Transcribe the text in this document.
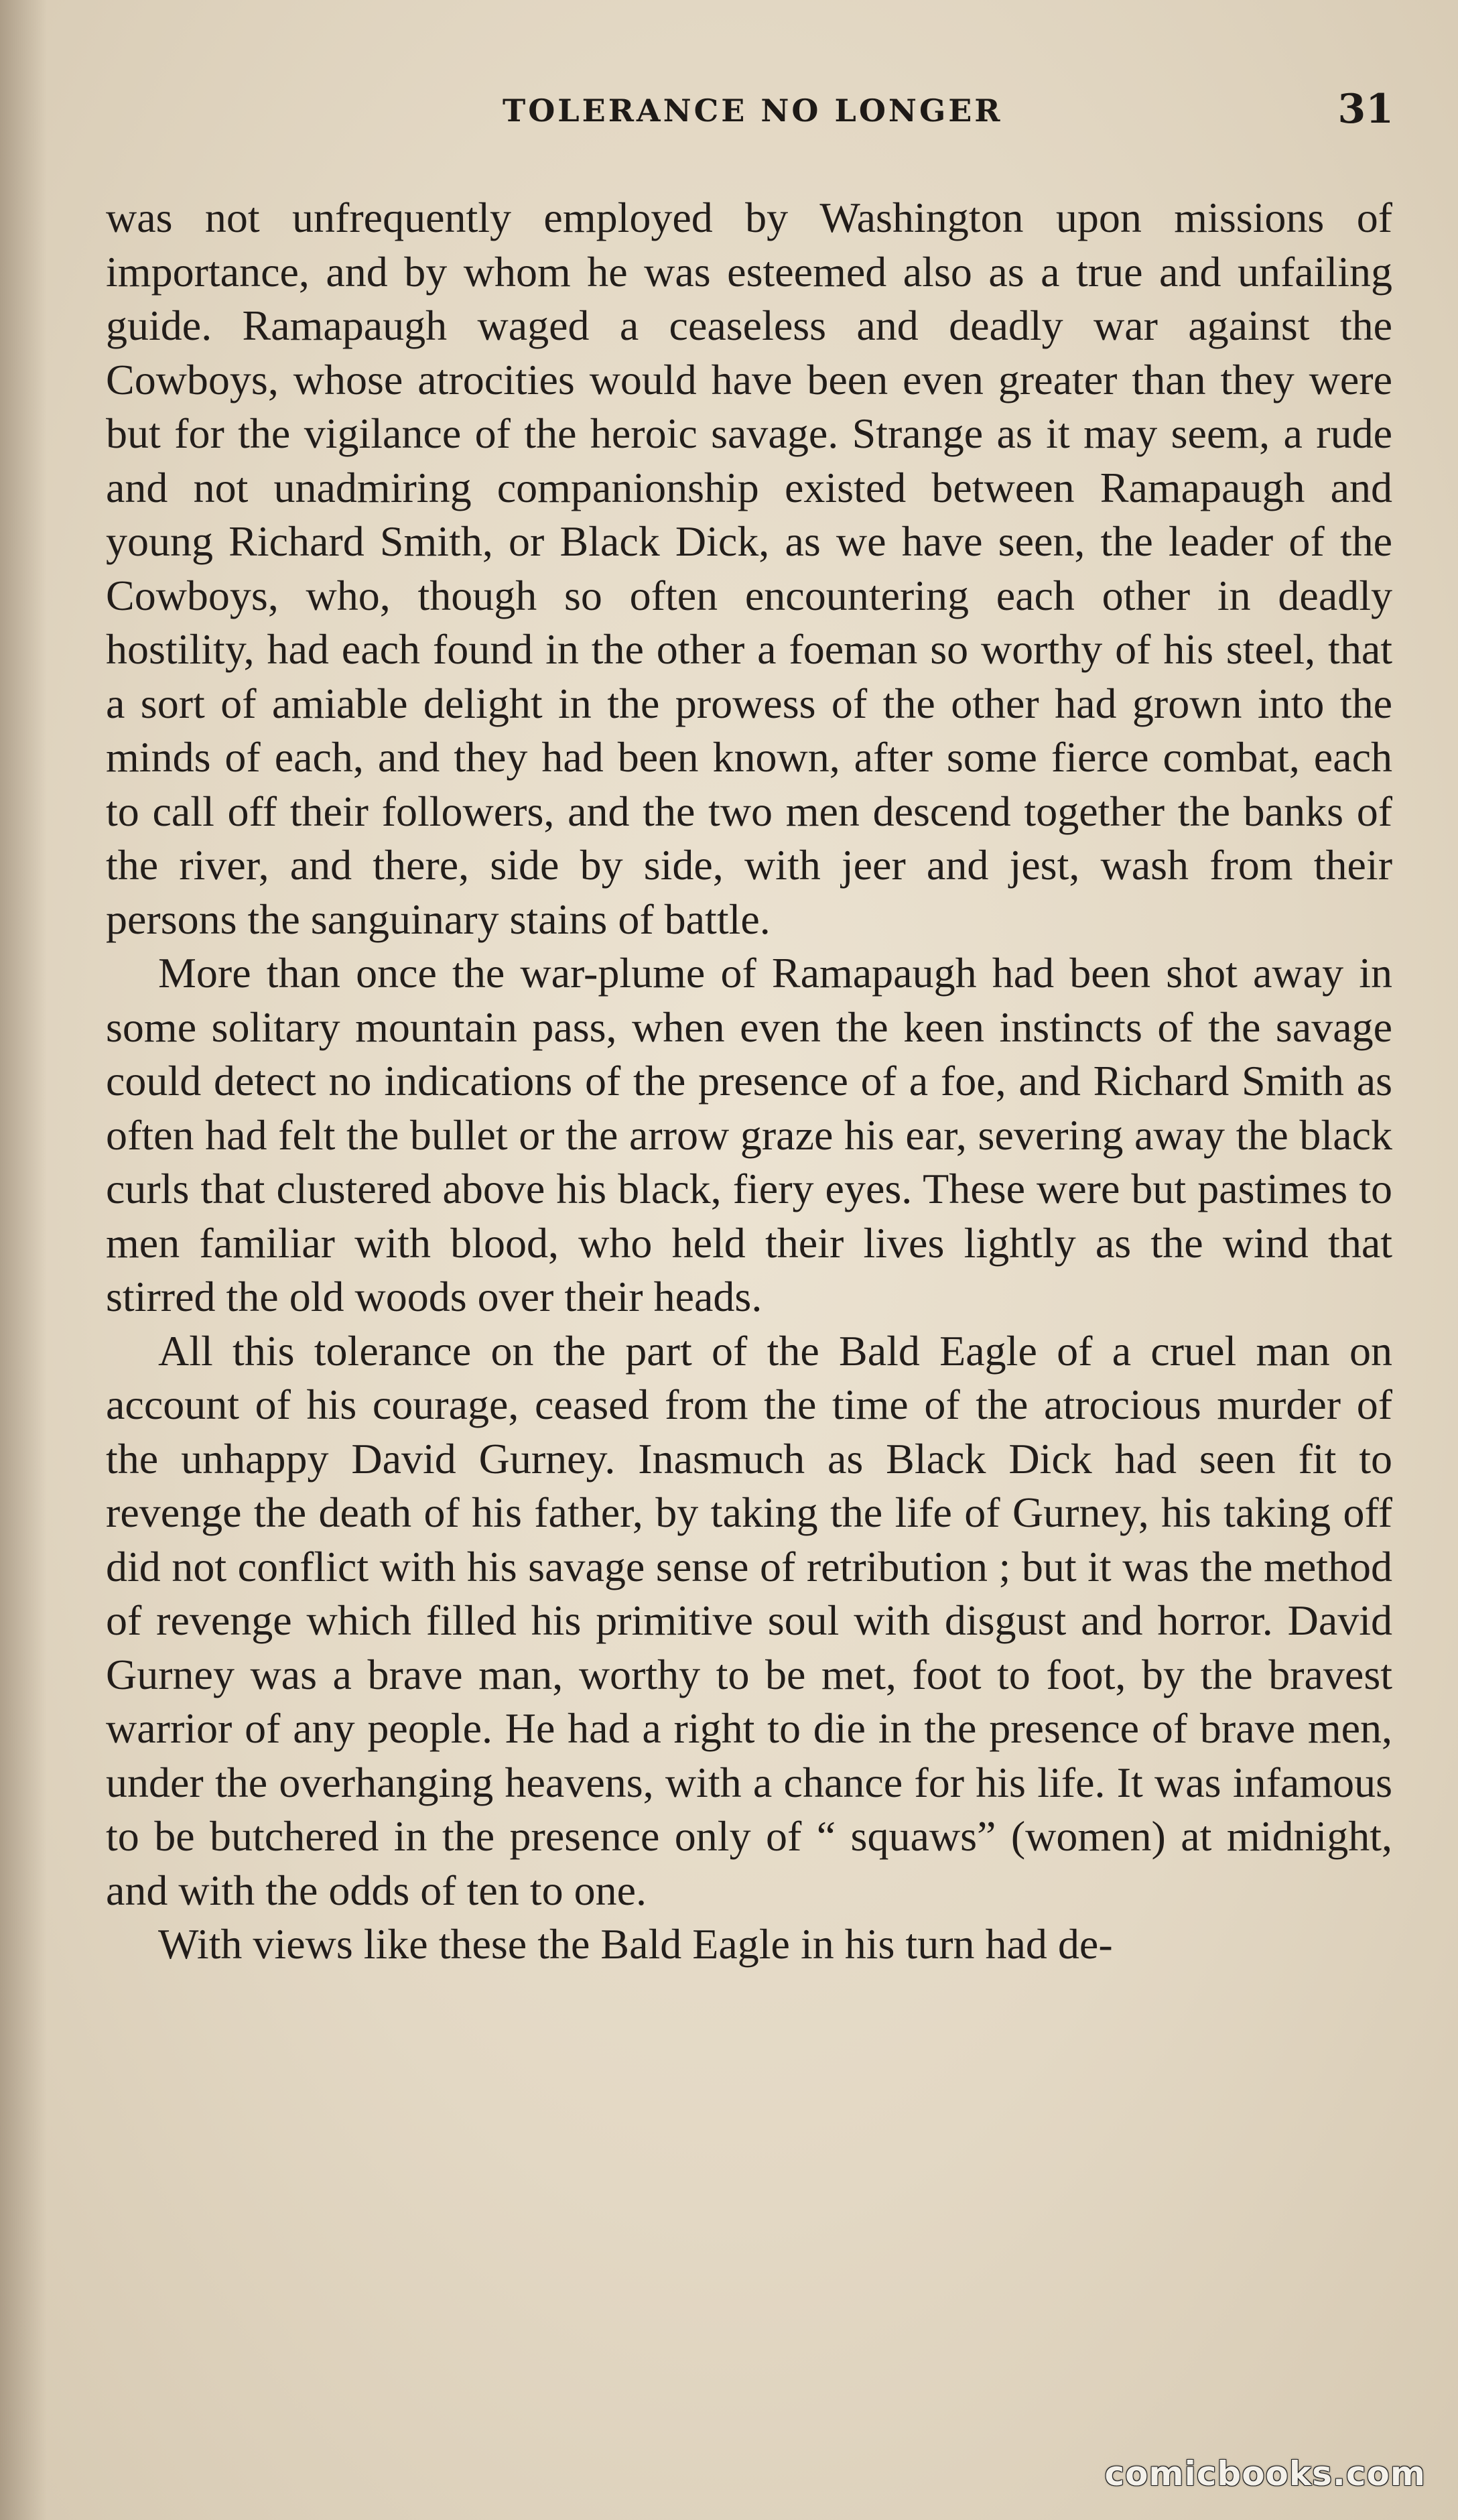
TOLERANCE NO LONGER	31

was not unfrequently employed by Washington upon missions of importance, and by whom he was esteemed also as a true and unfailing guide. Ramapaugh waged a ceaseless and deadly war against the Cowboys, whose atrocities would have been even greater than they were but for the vigilance of the heroic savage. Strange as it may seem, a rude and not unadmiring companionship existed between Ramapaugh and young Richard Smith, or Black Dick, as we have seen, the leader of the Cowboys, who, though so often encountering each other in deadly hostility, had each found in the other a foeman so worthy of his steel, that a sort of amiable delight in the prowess of the other had grown into the minds of each, and they had been known, after some fierce combat, each to call off their followers, and the two men descend together the banks of the river, and there, side by side, with jeer and jest, wash from their persons the sanguinary stains of battle.

More than once the war-plume of Ramapaugh had been shot away in some solitary mountain pass, when even the keen instincts of the savage could detect no indications of the presence of a foe, and Richard Smith as often had felt the bullet or the arrow graze his ear, severing away the black curls that clustered above his black, fiery eyes. These were but pastimes to men familiar with blood, who held their lives lightly as the wind that stirred the old woods over their heads.

All this tolerance on the part of the Bald Eagle of a cruel man on account of his courage, ceased from the time of the atrocious murder of the unhappy David Gurney. Inasmuch as Black Dick had seen fit to revenge the death of his father, by taking the life of Gurney, his taking off did not conflict with his savage sense of retribution ; but it was the method of revenge which filled his primitive soul with disgust and horror. David Gurney was a brave man, worthy to be met, foot to foot, by the bravest warrior of any people. He had a right to die in the presence of brave men, under the overhanging heavens, with a chance for his life. It was infamous to be butchered in the presence only of “ squaws” (women) at midnight, and with the odds of ten to one.

With views like these the Bald Eagle in his turn had de-

comicbooks.com
